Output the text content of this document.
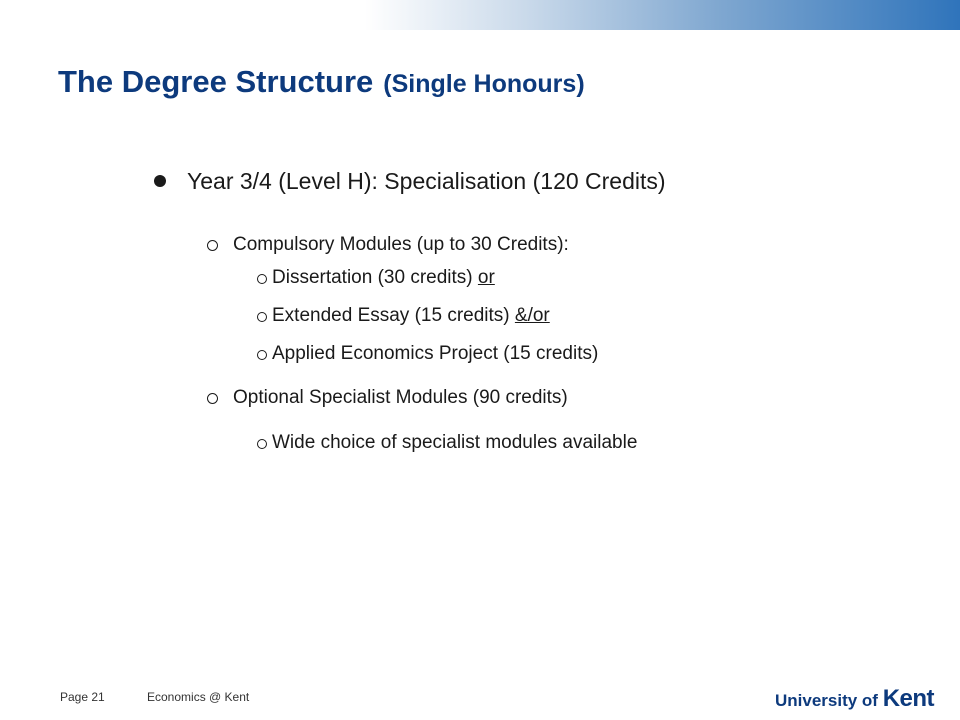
The Degree Structure (Single Honours)
Year 3/4 (Level H): Specialisation (120 Credits)
Compulsory Modules (up to 30 Credits):
Dissertation (30 credits) or
Extended Essay (15 credits) &/or
Applied Economics Project (15 credits)
Optional Specialist Modules (90 credits)
Wide choice of specialist modules available
Page 21	Economics @ Kent	University of Kent
